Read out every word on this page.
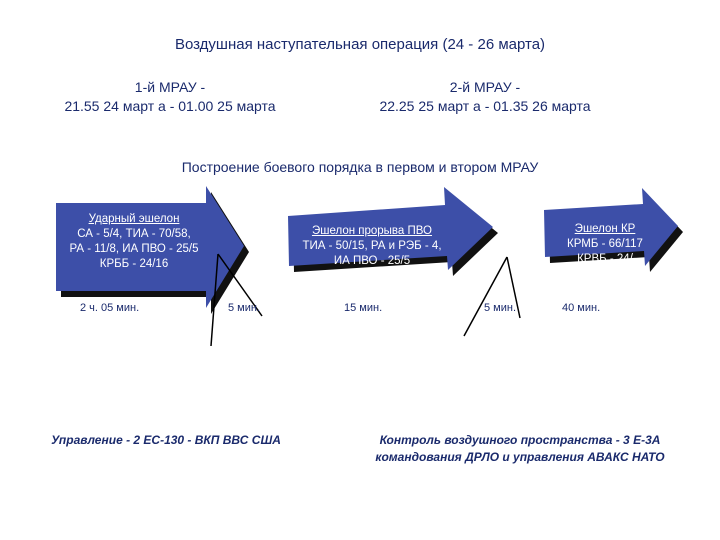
Воздушная наступательная операция (24 - 26 марта)
1-й МРАУ -
21.55 24 март а - 01.00 25 марта
2-й МРАУ -
22.25 25 март а - 01.35 26 марта
Построение боевого порядка в первом и втором МРАУ
Ударный эшелон
СА - 5/4, ТИА - 70/58,
РА - 11/8, ИА ПВО - 25/5
КРББ - 24/16
Эшелон прорыва ПВО
ТИА - 50/15, РА и РЭБ - 4,
ИА ПВО - 25/5
Эшелон КР
КРМБ - 66/117
КРВБ - 24/
2 ч. 05 мин.	5 мин.	15 мин.	5 мин.	40 мин.
Управление - 2 ЕС-130 - ВКП ВВС США	Контроль воздушного пространства - 3 Е-3А
командования ДРЛО и управления АВАКС НАТО
